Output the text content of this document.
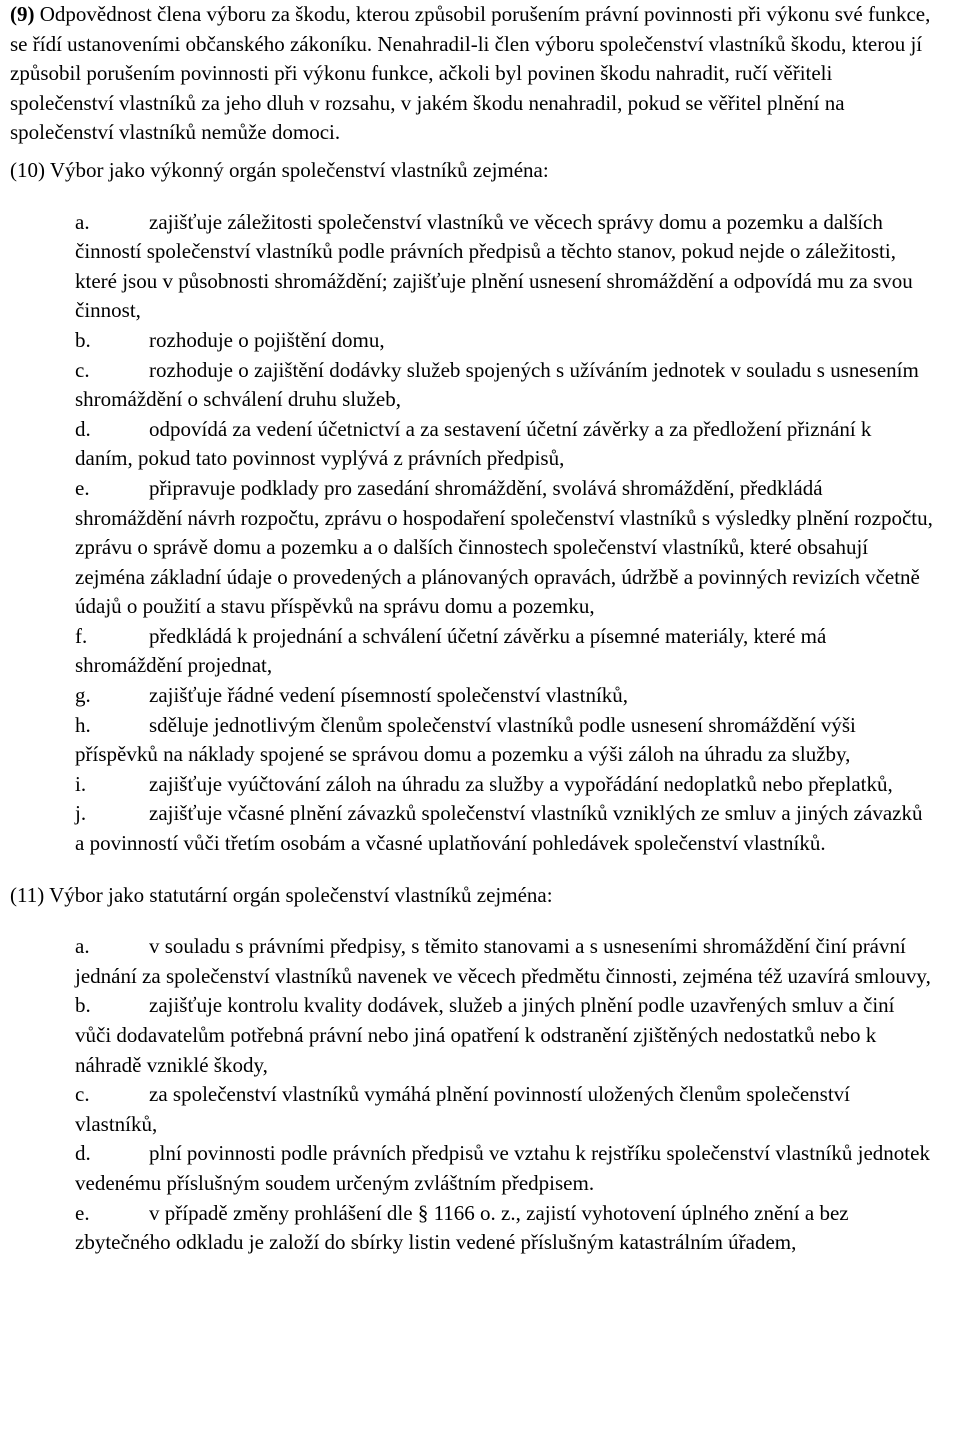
(9) Odpovědnost člena výboru za škodu, kterou způsobil porušením právní povinnosti při výkonu své funkce, se řídí ustanoveními občanského zákoníku. Nenahradil-li člen výboru společenství vlastníků škodu, kterou jí způsobil porušením povinnosti při výkonu funkce, ačkoli byl povinen škodu nahradit, ručí věřiteli společenství vlastníků za jeho dluh v rozsahu, v jakém škodu nenahradil, pokud se věřitel plnění na společenství vlastníků nemůže domoci.

(10) Výbor jako výkonný orgán společenství vlastníků zejména:

a.	zajišťuje záležitosti společenství vlastníků ve věcech správy domu a pozemku a dalších činností společenství vlastníků podle právních předpisů a těchto stanov, pokud nejde o záležitosti, které jsou v působnosti shromáždění; zajišťuje plnění usnesení shromáždění a odpovídá mu za svou činnost,
b.	rozhoduje o pojištění domu,
c.	rozhoduje o zajištění dodávky služeb spojených s užíváním jednotek v souladu s usnesením shromáždění o schválení druhu služeb,
d.	odpovídá za vedení účetnictví a za sestavení účetní závěrky a za předložení přiznání k daním, pokud tato povinnost vyplývá z právních předpisů,
e.	připravuje podklady pro zasedání shromáždění, svolává shromáždění, předkládá shromáždění návrh rozpočtu, zprávu o hospodaření společenství vlastníků s výsledky plnění rozpočtu, zprávu o správě domu a pozemku a o dalších činnostech společenství vlastníků, které obsahují zejména základní údaje o provedených a plánovaných opravách, údržbě a povinných revizích včetně údajů o použití a stavu příspěvků na správu domu a pozemku,
f.	předkládá k projednání a schválení účetní závěrku a písemné materiály, které má shromáždění projednat,
g.	zajišťuje řádné vedení písemností společenství vlastníků,
h.	sděluje jednotlivým členům společenství vlastníků podle usnesení shromáždění výši příspěvků na náklady spojené se správou domu a pozemku a výši záloh na úhradu za služby,
i.	zajišťuje vyúčtování záloh na úhradu za služby a vypořádání nedoplatků nebo přeplatků,
j.	zajišťuje včasné plnění závazků společenství vlastníků vzniklých ze smluv a jiných závazků a povinností vůči třetím osobám a včasné uplatňování pohledávek společenství vlastníků.

(11) Výbor jako statutární orgán společenství vlastníků zejména:

a.	v souladu s právními předpisy, s těmito stanovami a s usneseními shromáždění činí právní jednání za společenství vlastníků navenek ve věcech předmětu činnosti, zejména též uzavírá smlouvy,
b.	zajišťuje kontrolu kvality dodávek, služeb a jiných plnění podle uzavřených smluv a činí vůči dodavatelům potřebná právní nebo jiná opatření k odstranění zjištěných nedostatků nebo k náhradě vzniklé škody,
c.	za společenství vlastníků vymáhá plnění povinností uložených členům společenství vlastníků,
d.	plní povinnosti podle právních předpisů ve vztahu k rejstříku společenství vlastníků jednotek vedenému příslušným soudem určeným zvláštním předpisem.
e.	v případě změny prohlášení dle § 1166 o. z., zajistí vyhotovení úplného znění a bez zbytečného odkladu je založí do sbírky listin vedené příslušným katastrálním úřadem,
